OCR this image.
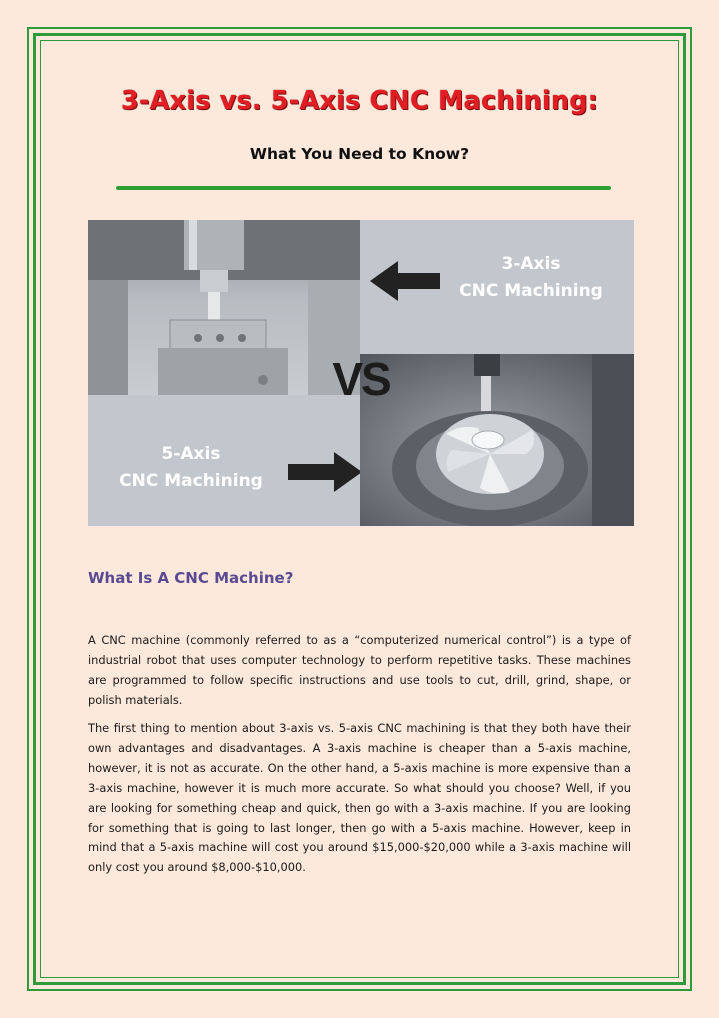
3-Axis vs. 5-Axis CNC Machining:
What You Need to Know?
3-Axis
CNC Machining
5-Axis
CNC Machining
VS
What Is A CNC Machine?

A CNC machine (commonly referred to as a “computerized numerical control”) is a type of industrial robot that uses computer technology to perform repetitive tasks. These machines are programmed to follow specific instructions and use tools to cut, drill, grind, shape, or polish materials.

The first thing to mention about 3-axis vs. 5-axis CNC machining is that they both have their own advantages and disadvantages. A 3-axis machine is cheaper than a 5-axis machine, however, it is not as accurate. On the other hand, a 5-axis machine is more expensive than a 3-axis machine, however it is much more accurate. So what should you choose? Well, if you are looking for something cheap and quick, then go with a 3-axis machine. If you are looking for something that is going to last longer, then go with a 5-axis machine. However, keep in mind that a 5-axis machine will cost you around $15,000-$20,000 while a 3-axis machine will only cost you around $8,000-$10,000.
